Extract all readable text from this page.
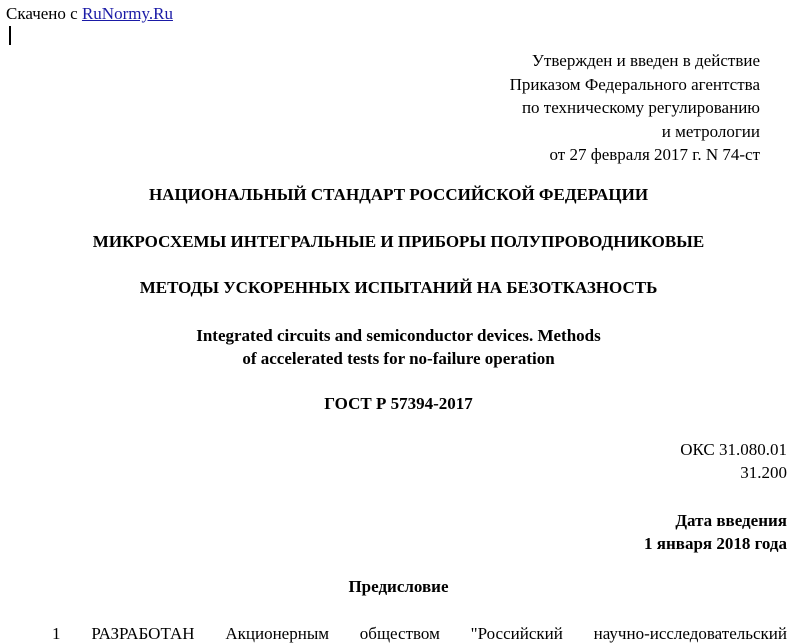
Скачено с RuNormy.Ru
Утвержден и введен в действие
Приказом Федерального агентства
по техническому регулированию
и метрологии
от 27 февраля 2017 г. N 74-ст
НАЦИОНАЛЬНЫЙ СТАНДАРТ РОССИЙСКОЙ ФЕДЕРАЦИИ
МИКРОСХЕМЫ ИНТЕГРАЛЬНЫЕ И ПРИБОРЫ ПОЛУПРОВОДНИКОВЫЕ
МЕТОДЫ УСКОРЕННЫХ ИСПЫТАНИЙ НА БЕЗОТКАЗНОСТЬ
Integrated circuits and semiconductor devices. Methods
of accelerated tests for no-failure operation
ГОСТ Р 57394-2017
ОКС 31.080.01
31.200
Дата введения
1 января 2018 года
Предисловие
1 РАЗРАБОТАН Акционерным обществом "Российский научно-исследовательский
